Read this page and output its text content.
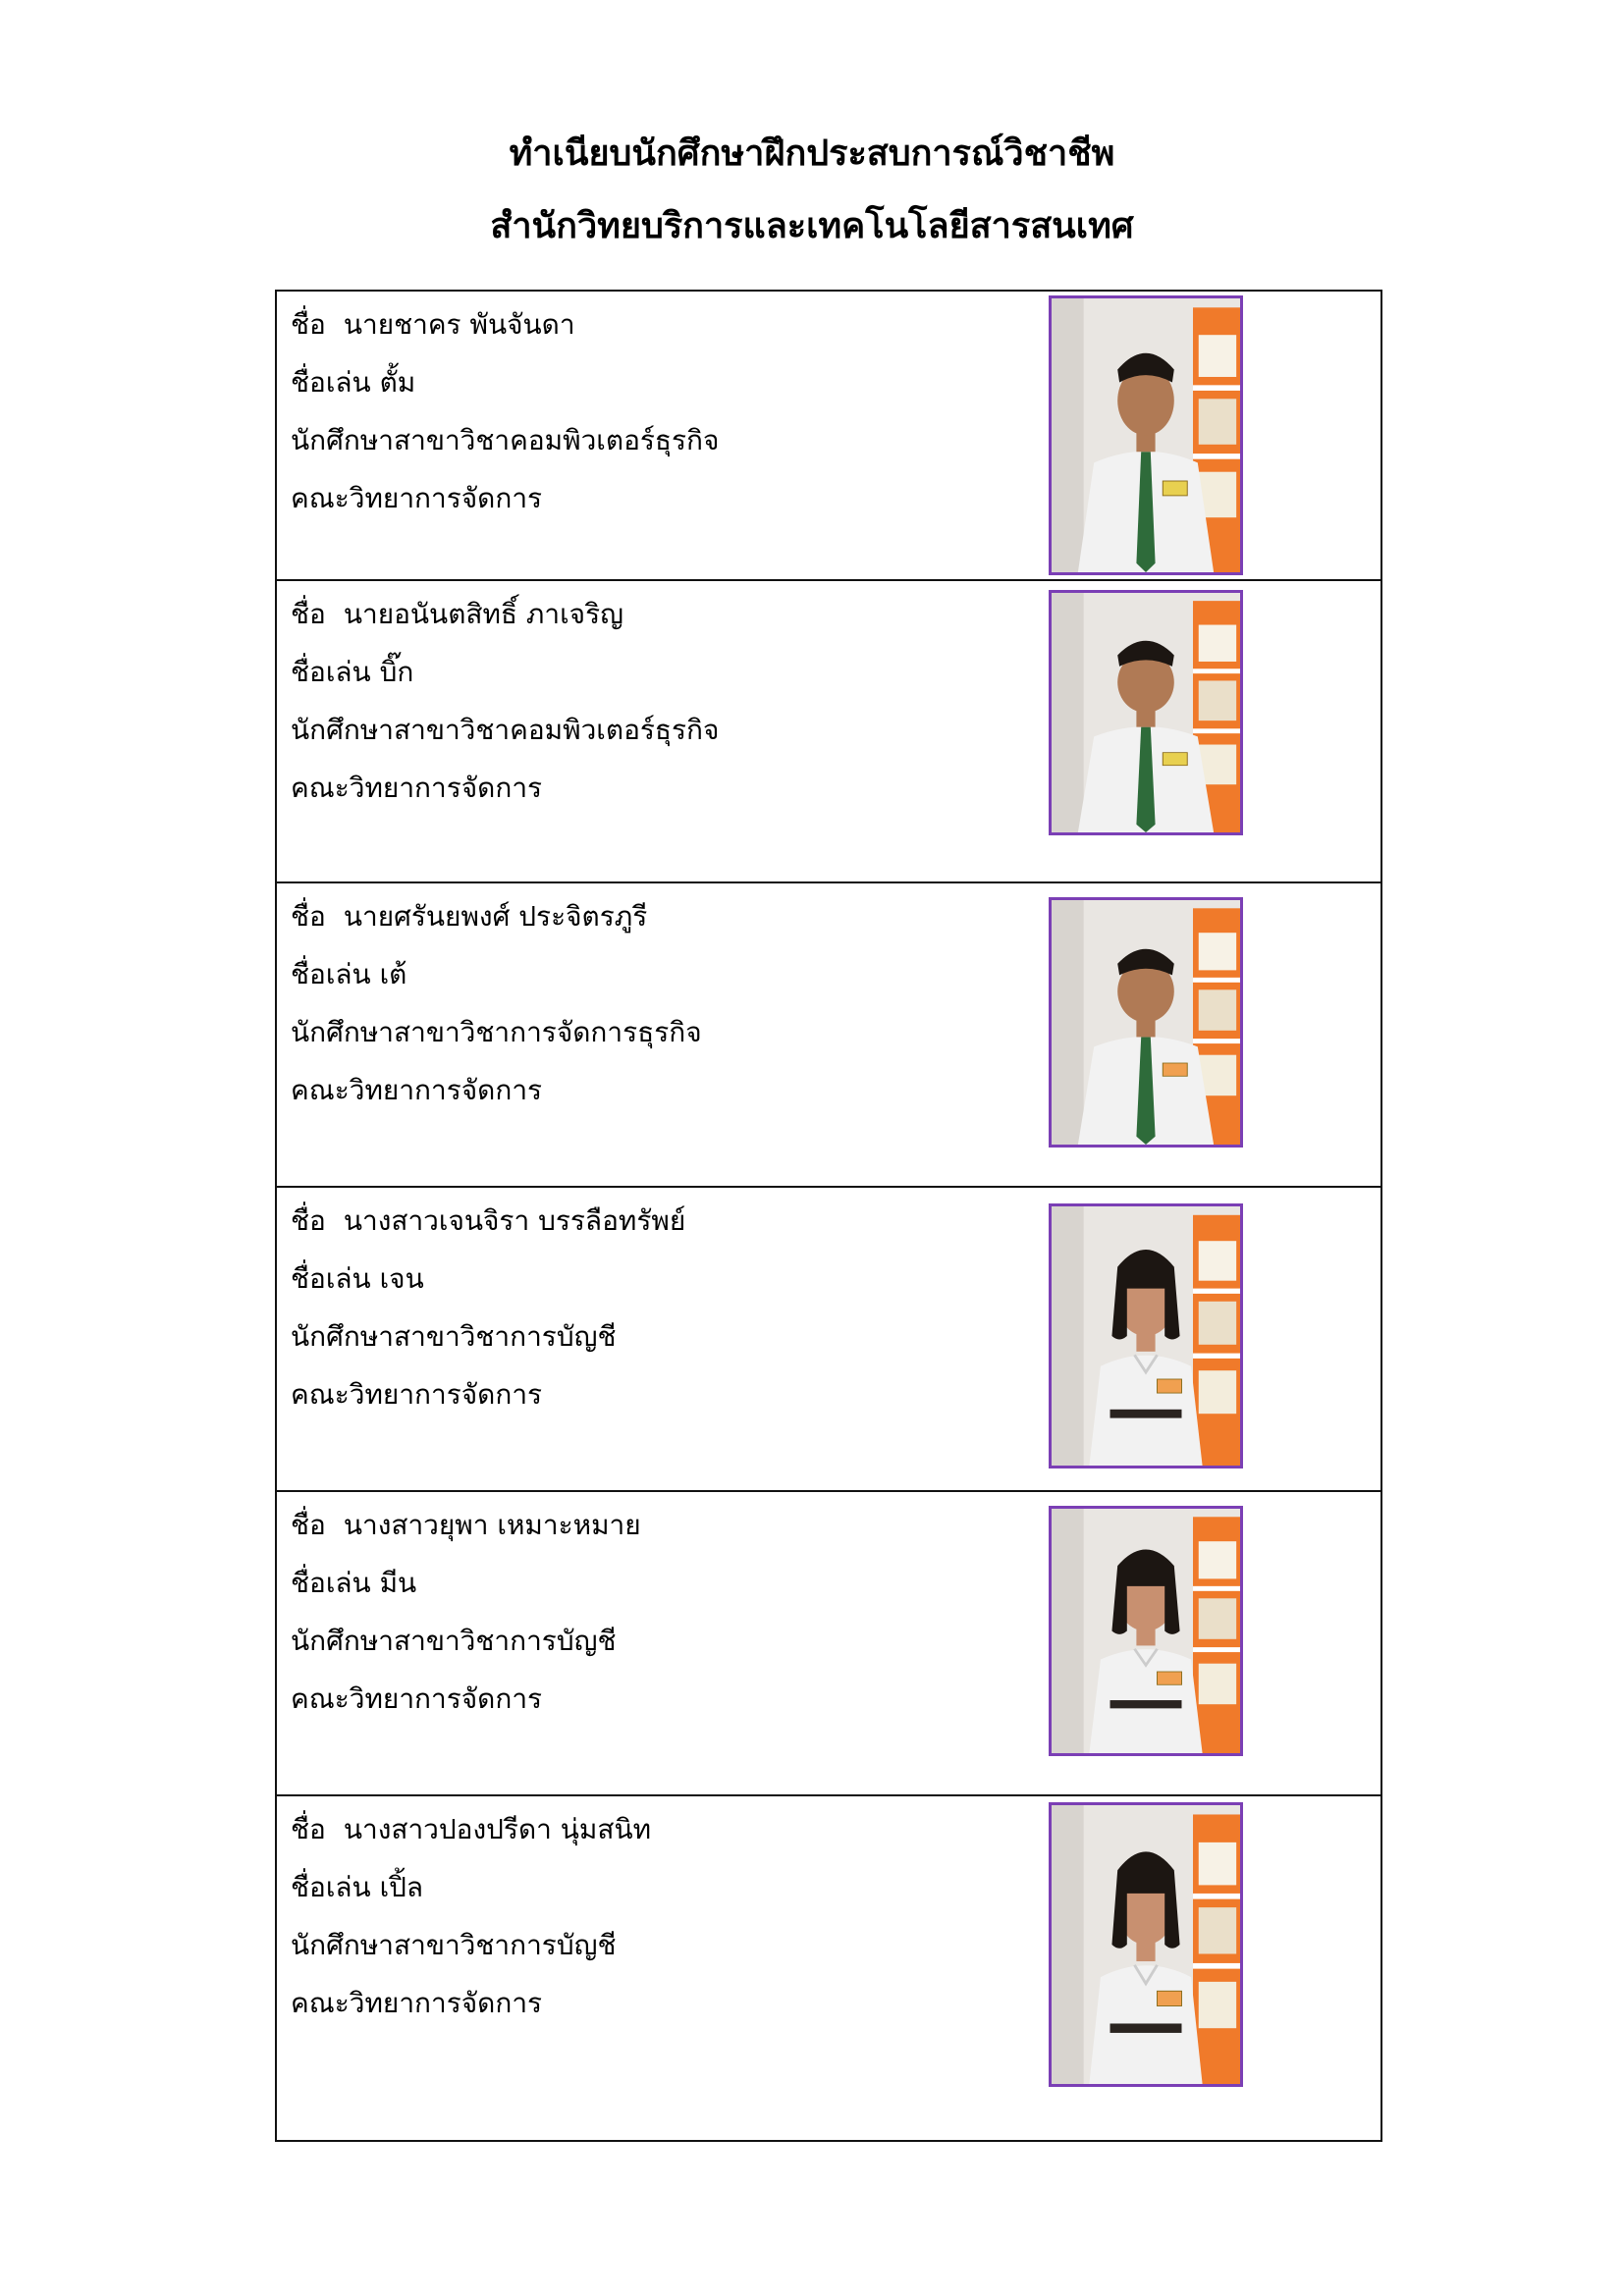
ทำเนียบนักศึกษาฝึกประสบการณ์วิชาชีพ
สำนักวิทยบริการและเทคโนโลยีสารสนเทศ
ชื่อ นายชาคร พันจันดา
ชื่อเล่น ตั้ม
นักศึกษาสาขาวิชาคอมพิวเตอร์ธุรกิจ
คณะวิทยาการจัดการ
ชื่อ นายอนันตสิทธิ์ ภาเจริญ
ชื่อเล่น บิ๊ก
นักศึกษาสาขาวิชาคอมพิวเตอร์ธุรกิจ
คณะวิทยาการจัดการ
ชื่อ นายศรันยพงศ์ ประจิตรภูรี
ชื่อเล่น เต้
นักศึกษาสาขาวิชาการจัดการธุรกิจ
คณะวิทยาการจัดการ
ชื่อ นางสาวเจนจิรา บรรลือทรัพย์
ชื่อเล่น เจน
นักศึกษาสาขาวิชาการบัญชี
คณะวิทยาการจัดการ
ชื่อ นางสาวยุพา เหมาะหมาย
ชื่อเล่น มีน
นักศึกษาสาขาวิชาการบัญชี
คณะวิทยาการจัดการ
ชื่อ นางสาวปองปรีดา นุ่มสนิท
ชื่อเล่น เปิ้ล
นักศึกษาสาขาวิชาการบัญชี
คณะวิทยาการจัดการ
